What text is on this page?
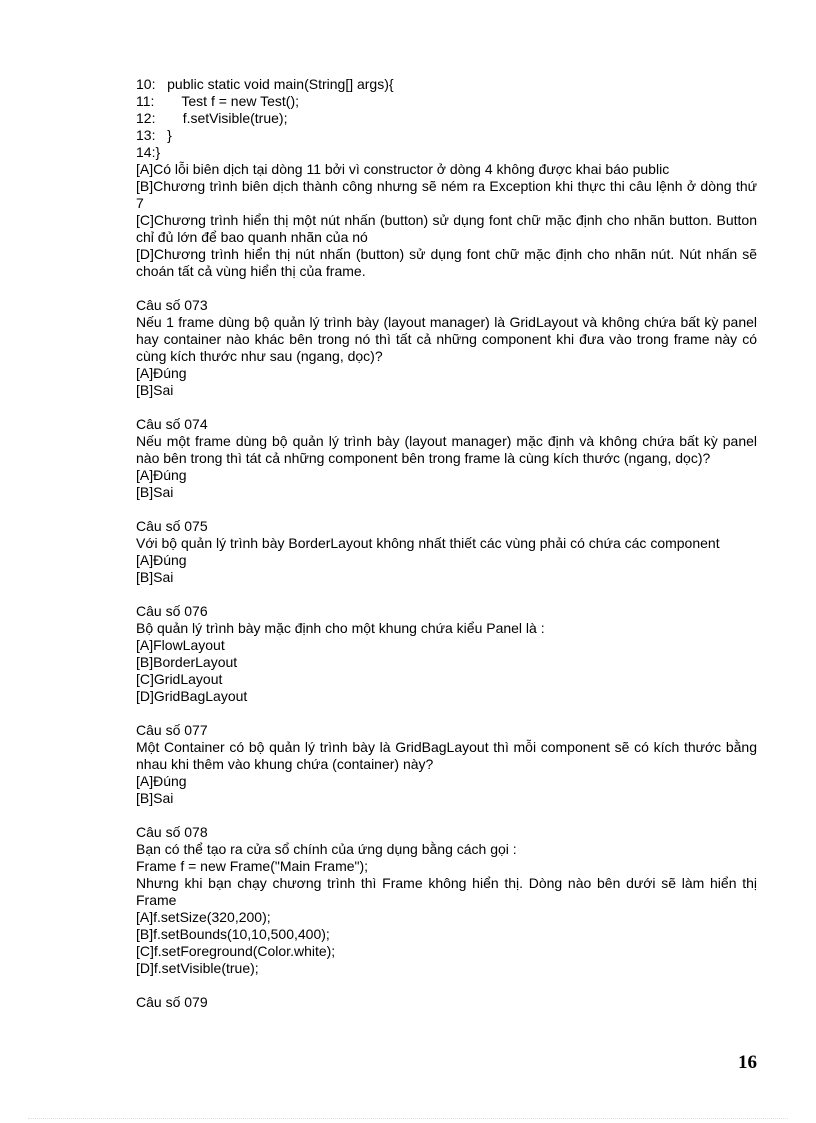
10:   public static void main(String[] args){
11:       Test f = new Test();
12:       f.setVisible(true);
13:   }
14:}
[A]Có lỗi biên dịch tại dòng 11 bởi vì constructor ở dòng 4 không được khai báo public
[B]Chương trình biên dịch thành công nhưng sẽ ném ra Exception khi thực thi câu lệnh ở dòng thứ 7
[C]Chương trình hiển thị một nút nhấn (button) sử dụng font chữ mặc định cho nhãn button. Button chỉ đủ lớn để bao quanh nhãn của nó
[D]Chương trình hiển thị nút nhấn (button) sử dụng font chữ mặc định cho nhãn nút. Nút nhấn sẽ choán tất cả vùng hiển thị của frame.
Câu số 073
Nếu 1 frame dùng bộ quản lý trình bày (layout manager) là GridLayout và không chứa bất kỳ panel hay container nào khác bên trong nó thì tất cả những component khi đưa vào trong frame này có cùng kích thước như sau (ngang, dọc)?
[A]Đúng
[B]Sai
Câu số 074
Nếu một frame dùng bộ quản lý trình bày (layout manager) mặc định và không chứa bất kỳ panel nào bên trong thì tát cả những component bên trong frame là cùng kích thước (ngang, dọc)?
[A]Đúng
[B]Sai
Câu số 075
Với bộ quản lý trình bày BorderLayout không nhất thiết các vùng phải có chứa các component
[A]Đúng
[B]Sai
Câu số 076
Bộ quản lý trình bày mặc định cho một khung chứa kiểu Panel là :
[A]FlowLayout
[B]BorderLayout
[C]GridLayout
[D]GridBagLayout
Câu số 077
Một Container có bộ quản lý trình bày là GridBagLayout thì mỗi component sẽ có kích thước bằng nhau khi thêm vào khung chứa (container) này?
[A]Đúng
[B]Sai
Câu số 078
Bạn có thể tạo ra cửa sổ chính của ứng dụng bằng cách gọi :
Frame f = new Frame("Main Frame");
Nhưng khi bạn chạy chương trình thì Frame không hiển thị. Dòng nào bên dưới sẽ làm hiển thị Frame
[A]f.setSize(320,200);
[B]f.setBounds(10,10,500,400);
[C]f.setForeground(Color.white);
[D]f.setVisible(true);
Câu số 079
16
